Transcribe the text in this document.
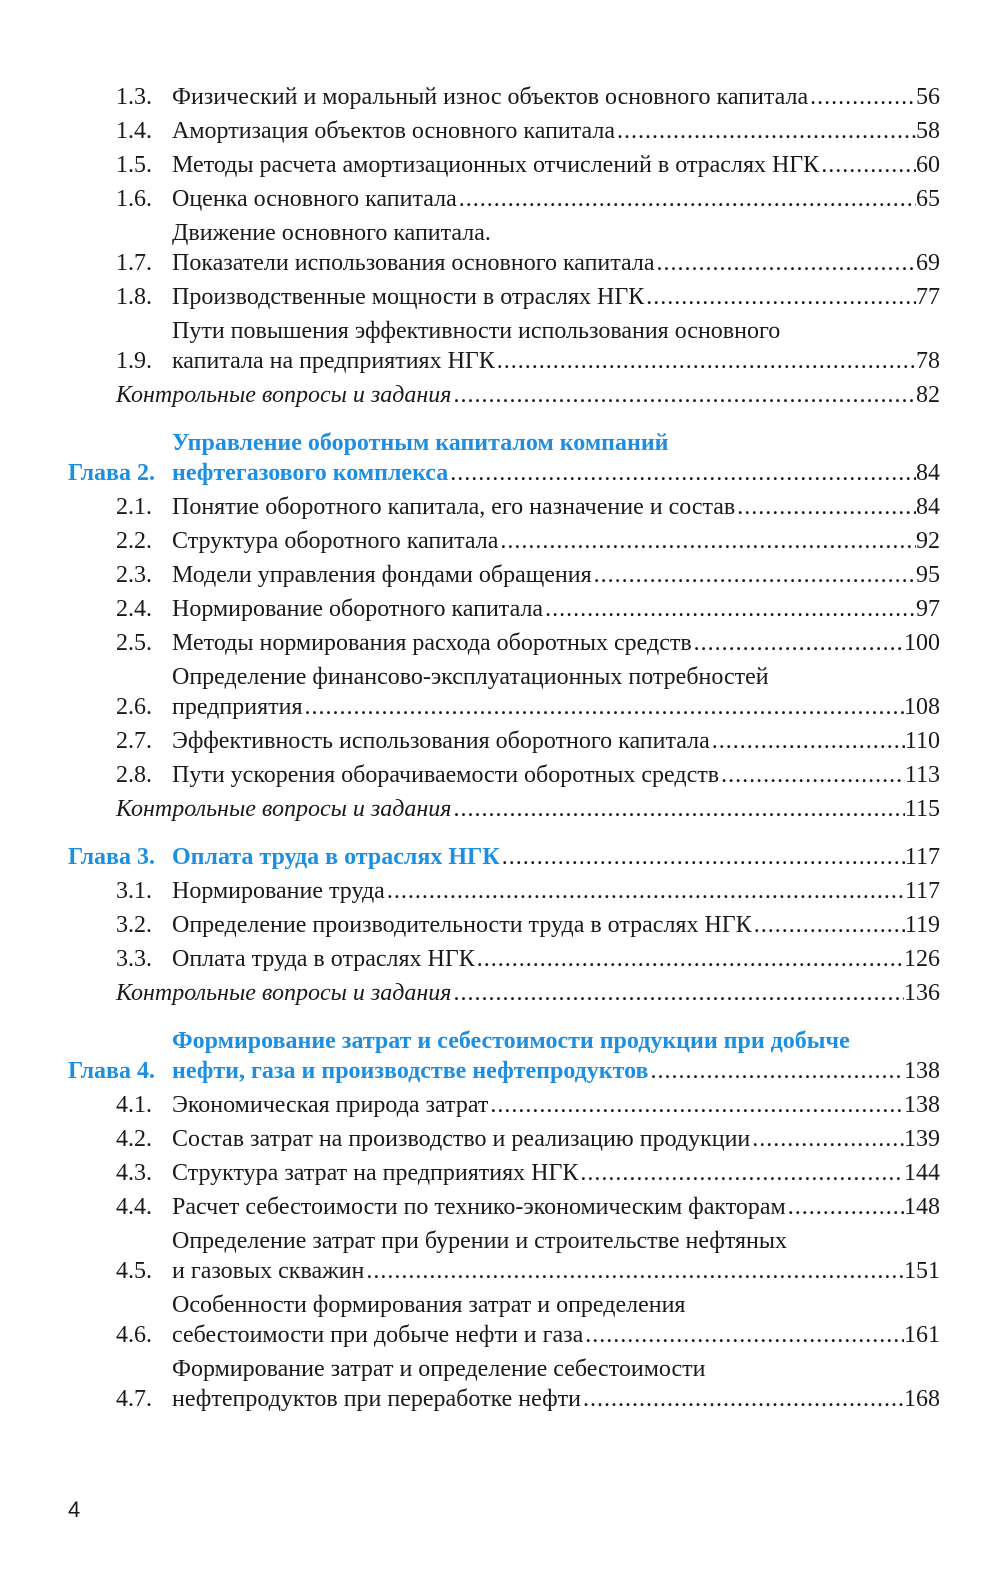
1.3. Физический и моральный износ объектов основного капитала .....	56
1.4. Амортизация объектов основного капитала .....	58
1.5. Методы расчета амортизационных отчислений в отраслях НГК .....	60
1.6. Оценка основного капитала .....	65
1.7.
Движение основного капитала.
Показатели использования основного капитала .....	69
1.8. Производственные мощности в отраслях НГК .....	77
1.9.
Пути повышения эффективности использования основного
капитала на предприятиях НГК .....	78
Контрольные вопросы и задания .....	82
Глава 2.
Управление оборотным капиталом компаний
нефтегазового комплекса .....	84
2.1. Понятие оборотного капитала, его назначение и состав .....	84
2.2. Структура оборотного капитала .....	92
2.3. Модели управления фондами обращения .....	95
2.4. Нормирование оборотного капитала .....	97
2.5. Методы нормирования расхода оборотных средств .....	100
2.6.
Определение финансово-эксплуатационных потребностей
предприятия .....	108
2.7. Эффективность использования оборотного капитала .....	110
2.8. Пути ускорения оборачиваемости оборотных средств .....	113
Контрольные вопросы и задания .....	115
Глава 3. Оплата труда в отраслях НГК .....	117
3.1. Нормирование труда .....	117
3.2. Определение производительности труда в отраслях НГК .....	119
3.3. Оплата труда в отраслях НГК .....	126
Контрольные вопросы и задания .....	136
Глава 4.
Формирование затрат и себестоимости продукции при добыче
нефти, газа и производстве нефтепродуктов .....	138
4.1. Экономическая природа затрат .....	138
4.2. Состав затрат на производство и реализацию продукции .....	139
4.3. Структура затрат на предприятиях НГК .....	144
4.4. Расчет себестоимости по технико-экономическим факторам .....	148
4.5.
Определение затрат при бурении и строительстве нефтяных
и газовых скважин .....	151
4.6.
Особенности формирования затрат и определения
себестоимости при добыче нефти и газа .....	161
4.7.
Формирование затрат и определение себестоимости
нефтепродуктов при переработке нефти .....	168
4
